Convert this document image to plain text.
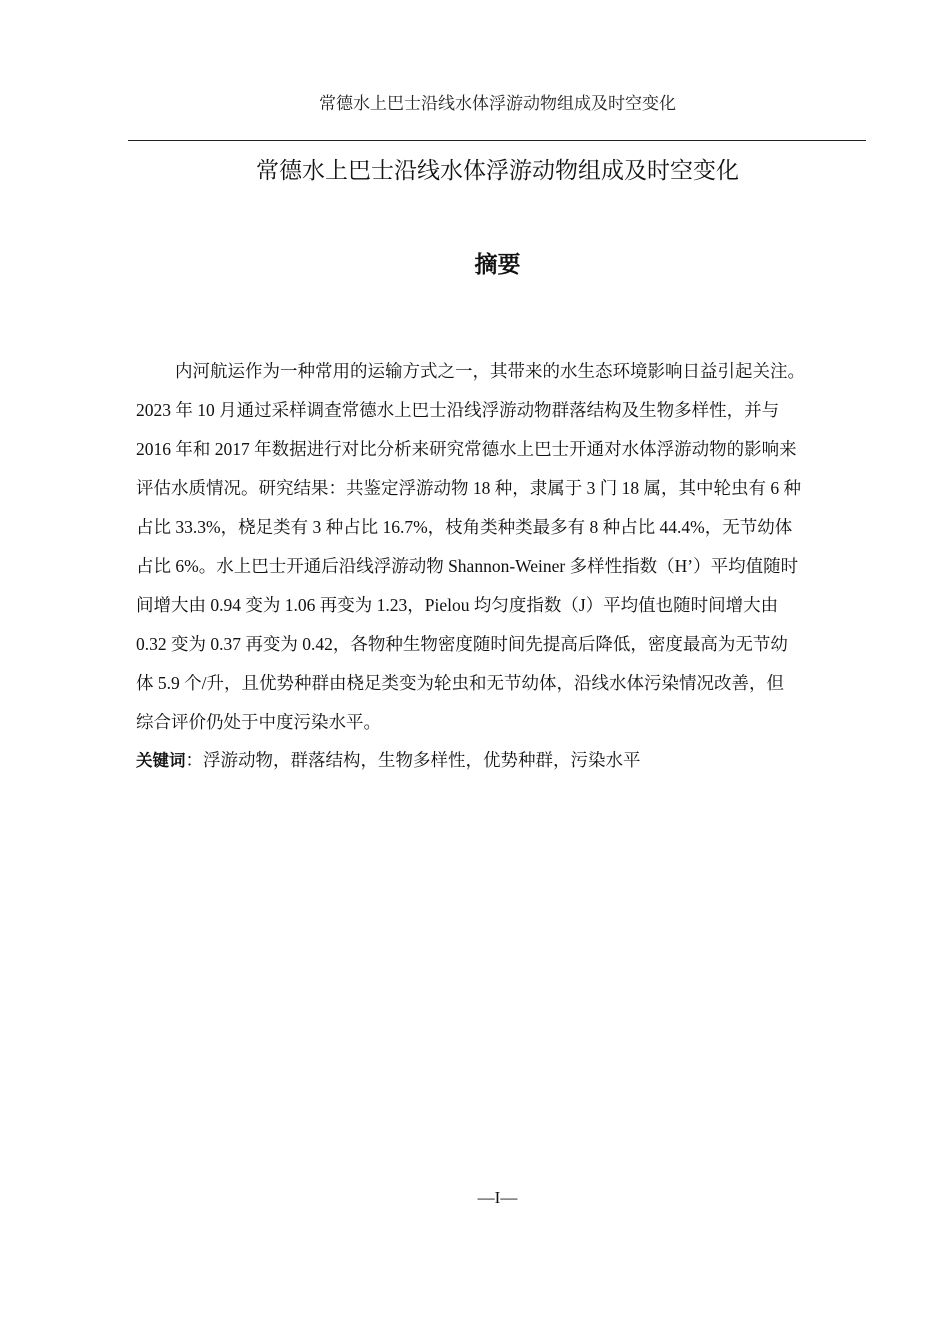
常德水上巴士沿线水体浮游动物组成及时空变化
常德水上巴士沿线水体浮游动物组成及时空变化
摘要
内河航运作为一种常用的运输方式之一，其带来的水生态环境影响日益引起关注。
2023 年 10 月通过采样调查常德水上巴士沿线浮游动物群落结构及生物多样性，并与
2016 年和 2017 年数据进行对比分析来研究常德水上巴士开通对水体浮游动物的影响来
评估水质情况。研究结果：共鉴定浮游动物 18 种，隶属于 3 门 18 属，其中轮虫有 6 种
占比 33.3%，桡足类有 3 种占比 16.7%，枝角类种类最多有 8 种占比 44.4%，无节幼体
占比 6%。水上巴士开通后沿线浮游动物 Shannon-Weiner 多样性指数（H’）平均值随时
间增大由 0.94 变为 1.06 再变为 1.23，Pielou 均匀度指数（J）平均值也随时间增大由
0.32 变为 0.37 再变为 0.42，各物种生物密度随时间先提高后降低，密度最高为无节幼
体 5.9 个/升，且优势种群由桡足类变为轮虫和无节幼体，沿线水体污染情况改善，但
综合评价仍处于中度污染水平。
关键词：浮游动物，群落结构，生物多样性，优势种群，污染水平
—I—
